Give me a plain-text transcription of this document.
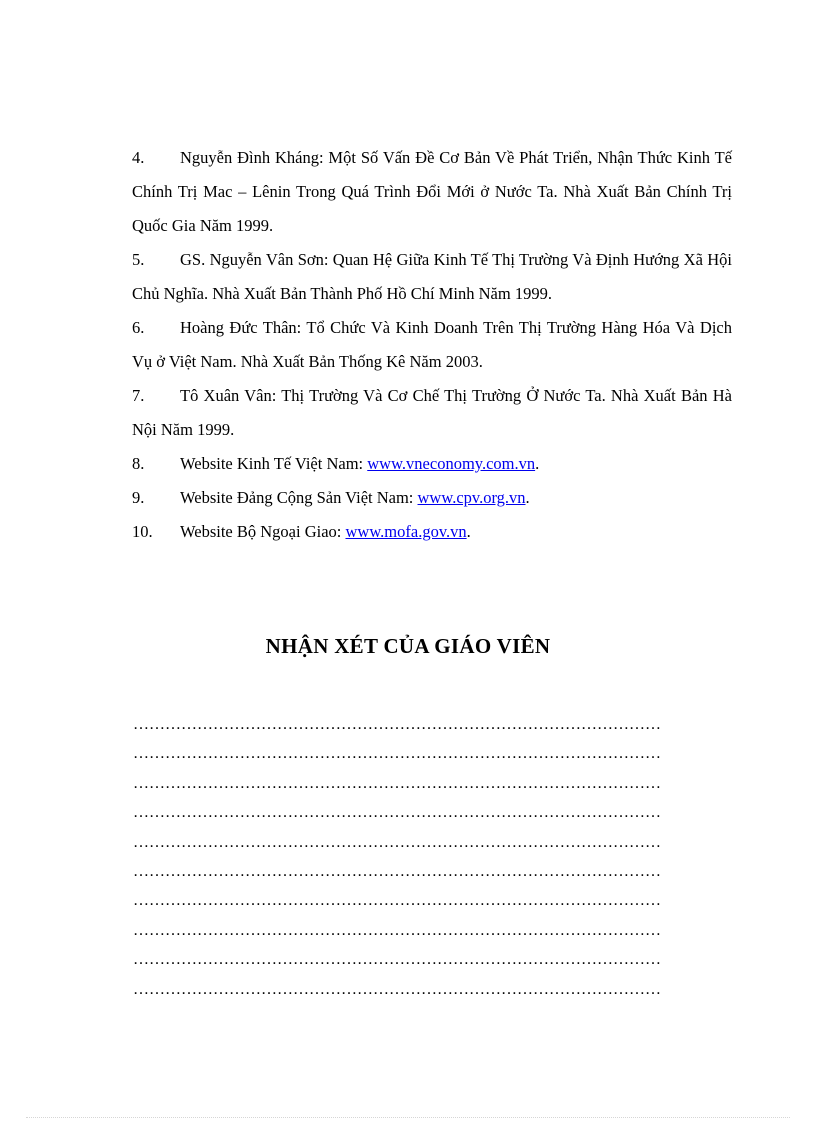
4. Nguyễn Đình Kháng: Một Số Vấn Đề Cơ Bản Về Phát Triển, Nhận Thức Kinh Tế Chính Trị Mac – Lênin Trong Quá Trình Đổi Mới ở Nước Ta. Nhà Xuất Bản Chính Trị Quốc Gia Năm 1999.
5. GS. Nguyễn Vân Sơn: Quan Hệ Giữa Kinh Tế Thị Trường Và Định Hướng Xã Hội Chủ Nghĩa. Nhà Xuất Bản Thành Phố Hồ Chí Minh Năm 1999.
6. Hoàng Đức Thân: Tổ Chức Và Kinh Doanh Trên Thị Trường Hàng Hóa Và Dịch Vụ ở Việt Nam. Nhà Xuất Bản Thống Kê Năm 2003.
7. Tô Xuân Vân: Thị Trường Và Cơ Chế Thị Trường Ở Nước Ta. Nhà Xuất Bản Hà Nội Năm 1999.
8. Website Kinh Tế Việt Nam: www.vneconomy.com.vn.
9. Website Đảng Cộng Sản Việt Nam: www.cpv.org.vn.
10. Website Bộ Ngoại Giao: www.mofa.gov.vn.
NHẬN XÉT CỦA GIÁO VIÊN
………………………………………………………………………………………
………………………………………………………………………………………
………………………………………………………………………………………
………………………………………………………………………………………
………………………………………………………………………………………
………………………………………………………………………………………
………………………………………………………………………………………
………………………………………………………………………………………
………………………………………………………………………………………
………………………………………………………………………………………
